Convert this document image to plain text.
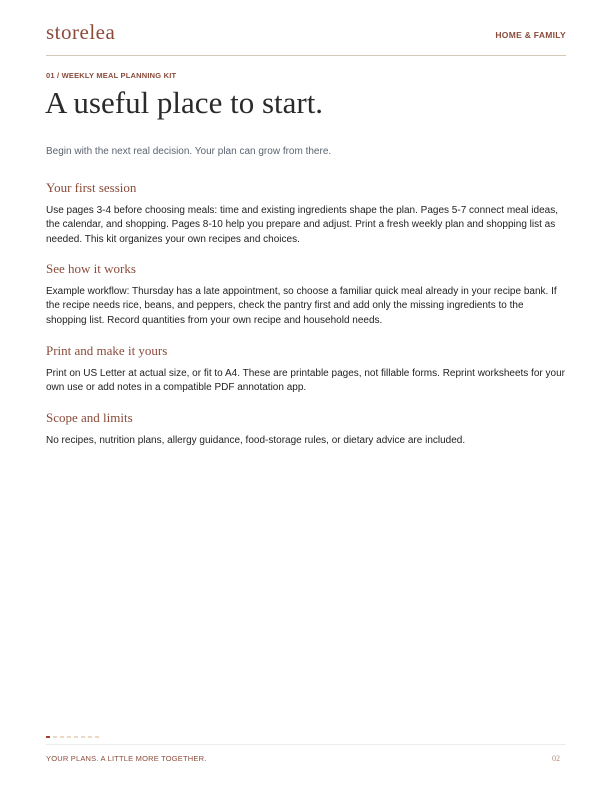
storelea	HOME & FAMILY
01 / WEEKLY MEAL PLANNING KIT
A useful place to start.

Begin with the next real decision. Your plan can grow from there.

Your first session

Use pages 3-4 before choosing meals: time and existing ingredients shape the plan. Pages 5-7 connect meal ideas, the calendar, and shopping. Pages 8-10 help you prepare and adjust. Print a fresh weekly plan and shopping list as needed. This kit organizes your own recipes and choices.

See how it works

Example workflow: Thursday has a late appointment, so choose a familiar quick meal already in your recipe bank. If the recipe needs rice, beans, and peppers, check the pantry first and add only the missing ingredients to the shopping list. Record quantities from your own recipe and household needs.

Print and make it yours

Print on US Letter at actual size, or fit to A4. These are printable pages, not fillable forms. Reprint worksheets for your own use or add notes in a compatible PDF annotation app.

Scope and limits

No recipes, nutrition plans, allergy guidance, food-storage rules, or dietary advice are included.

YOUR PLANS. A LITTLE MORE TOGETHER.	02
